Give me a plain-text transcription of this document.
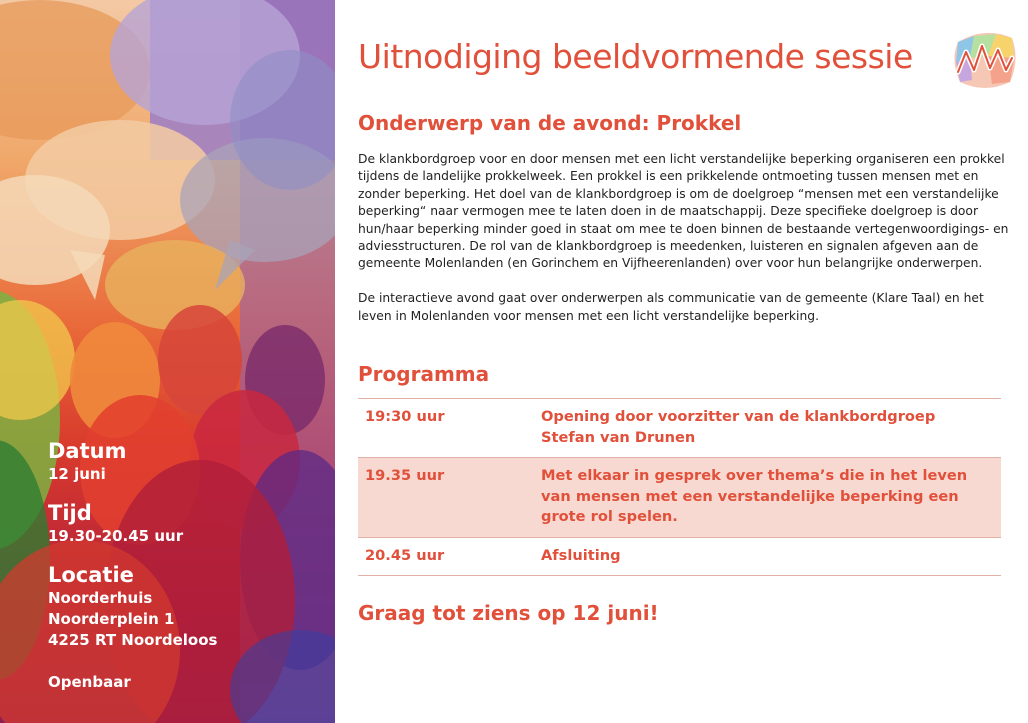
Datum
12 juni
Tijd
19.30-20.45 uur
Locatie
Noorderhuis
Noorderplein 1
4225 RT Noordeloos
Openbaar
Uitnodiging beeldvormende sessie
Onderwerp van de avond: Prokkel

De klankbordgroep voor en door mensen met een licht verstandelijke beperking organiseren een prokkel tijdens de landelijke prokkelweek. Een prokkel is een prikkelende ontmoeting tussen mensen met en zonder beperking. Het doel van de klankbordgroep is om de doelgroep “mensen met een verstandelijke beperking“ naar vermogen mee te laten doen in de maatschappij. Deze specifieke doelgroep is door hun/haar beperking minder goed in staat om mee te doen binnen de bestaande vertegenwoordigings- en adviesstructuren. De rol van de klankbordgroep is meedenken, luisteren en signalen afgeven aan de gemeente Molenlanden (en Gorinchem en Vijfheerenlanden) over voor hun belangrijke onderwerpen.

De interactieve avond gaat over onderwerpen als communicatie van de gemeente (Klare Taal) en het leven in Molenlanden voor mensen met een licht verstandelijke beperking.

Programma
19:30 uur	Opening door voorzitter van de klankbordgroep Stefan van Drunen
19.35 uur	Met elkaar in gesprek over thema’s die in het leven van mensen met een verstandelijke beperking een grote rol spelen.
20.45 uur	Afsluiting
Graag tot ziens op 12 juni!
